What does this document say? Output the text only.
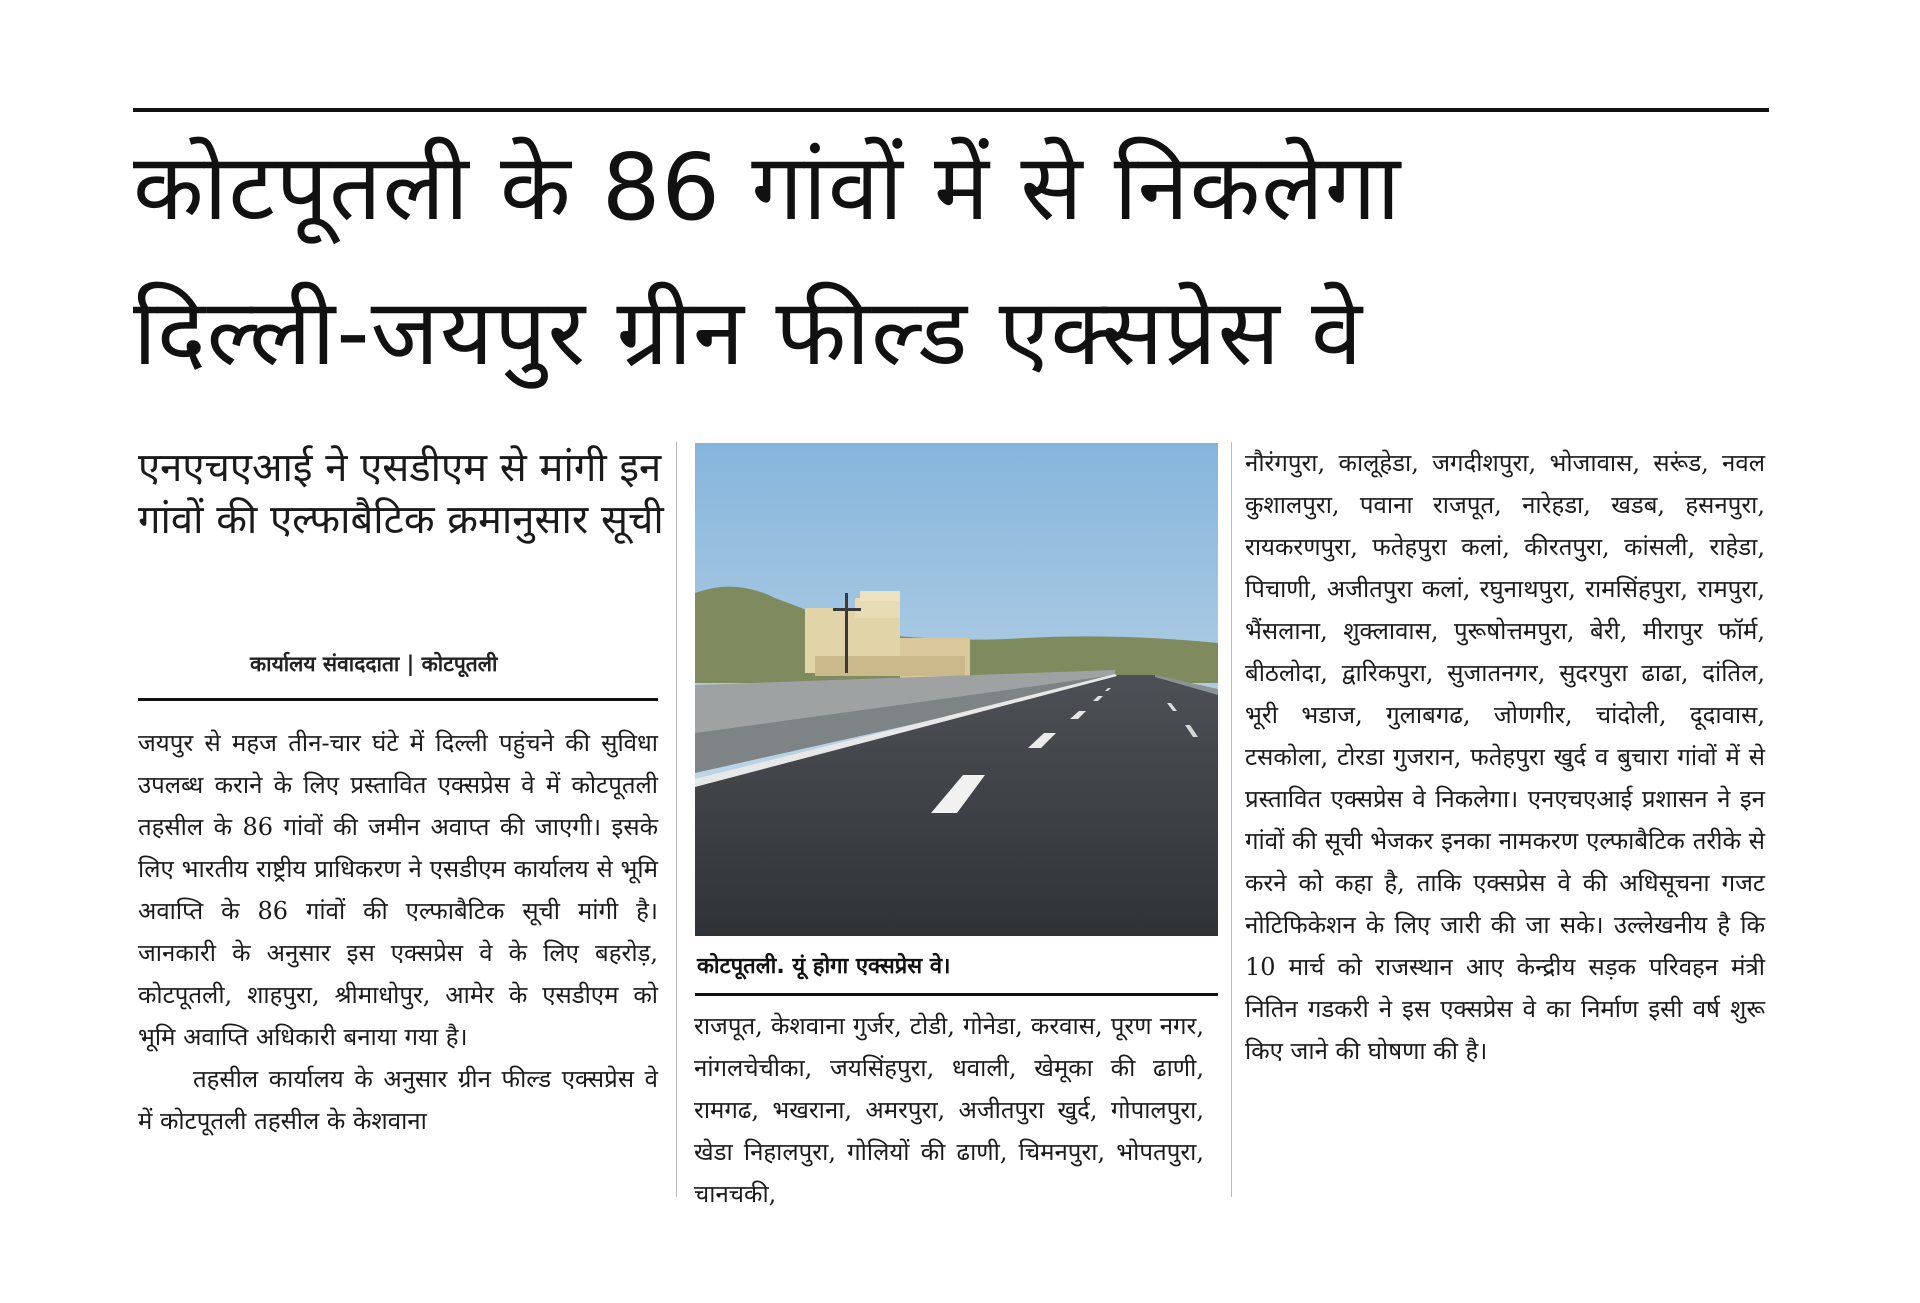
कोटपूतली के 86 गांवों में से निकलेगा
दिल्ली-जयपुर ग्रीन फील्ड एक्सप्रेस वे
एनएचएआई ने एसडीएम से मांगी इन गांवों की एल्फाबैटिक क्रमानुसार सूची
कार्यालय संवाददाता | कोटपूतली

जयपुर से महज तीन-चार घंटे में दिल्ली पहुंचने की सुविधा उपलब्ध कराने के लिए प्रस्तावित एक्सप्रेस वे में कोटपूतली तहसील के 86 गांवों की जमीन अवाप्त की जाएगी। इसके लिए भारतीय राष्ट्रीय प्राधिकरण ने एसडीएम कार्यालय से भूमि अवाप्ति के 86 गांवों की एल्फाबैटिक सूची मांगी है। जानकारी के अनुसार इस एक्सप्रेस वे के लिए बहरोड़, कोटपूतली, शाहपुरा, श्रीमाधोपुर, आमेर के एसडीएम को भूमि अवाप्ति अधिकारी बनाया गया है।

तहसील कार्यालय के अनुसार ग्रीन फील्ड एक्सप्रेस वे में कोटपूतली तहसील के केशवाना

कोटपूतली. यूं होगा एक्सप्रेस वे।

राजपूत, केशवाना गुर्जर, टोडी, गोनेडा, करवास, पूरण नगर, नांगलचेचीका, जयसिंहपुरा, धवाली, खेमूका की ढाणी, रामगढ, भखराना, अमरपुरा, अजीतपुरा खुर्द, गोपालपुरा, खेडा निहालपुरा, गोलियों की ढाणी, चिमनपुरा, भोपतपुरा, चानचकी,

नौरंगपुरा, कालूहेडा, जगदीशपुरा, भोजावास, सरूंड, नवल कुशालपुरा, पवाना राजपूत, नारेहडा, खडब, हसनपुरा, रायकरणपुरा, फतेहपुरा कलां, कीरतपुरा, कांसली, राहेडा, पिचाणी, अजीतपुरा कलां, रघुनाथपुरा, रामसिंहपुरा, रामपुरा, भैंसलाना, शुक्लावास, पुरूषोत्तमपुरा, बेरी, मीरापुर फॉर्म, बीठलोदा, द्वारिकपुरा, सुजातनगर, सुदरपुरा ढाढा, दांतिल, भूरी भडाज, गुलाबगढ, जोणगीर, चांदोली, दूदावास, टसकोला, टोरडा गुजरान, फतेहपुरा खुर्द व बुचारा गांवों में से प्रस्तावित एक्सप्रेस वे निकलेगा। एनएचएआई प्रशासन ने इन गांवों की सूची भेजकर इनका नामकरण एल्फाबैटिक तरीके से करने को कहा है, ताकि एक्सप्रेस वे की अधिसूचना गजट नोटिफिकेशन के लिए जारी की जा सके। उल्लेखनीय है कि 10 मार्च को राजस्थान आए केन्द्रीय सड़क परिवहन मंत्री नितिन गडकरी ने इस एक्सप्रेस वे का निर्माण इसी वर्ष शुरू किए जाने की घोषणा की है।
